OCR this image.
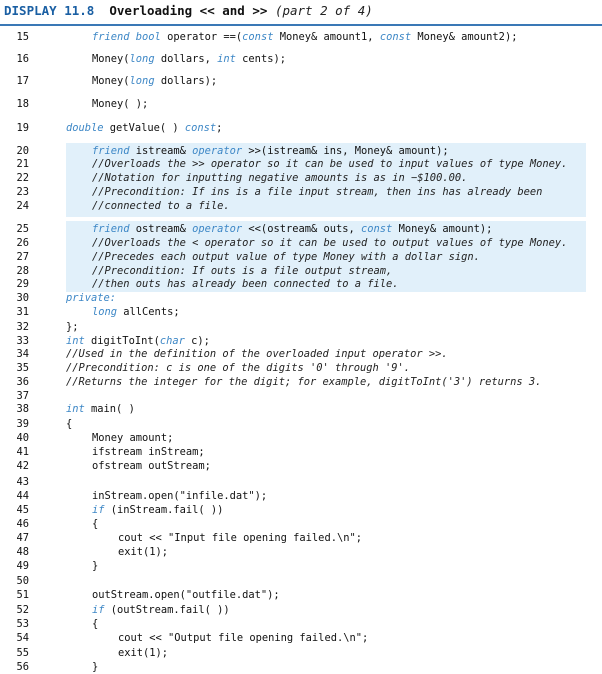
DISPLAY 11.8 Overloading << and >> (part 2 of 4)
15	friend bool operator ==(const Money& amount1, const Money& amount2);
16	Money(long dollars, int cents);
17	Money(long dollars);
18	Money( );
19	double getValue( ) const;
20	friend istream& operator >>(istream& ins, Money& amount);
21	//Overloads the >> operator so it can be used to input values of type Money.
22	//Notation for inputting negative amounts is as in −$100.00.
23	//Precondition: If ins is a file input stream, then ins has already been
24	//connected to a file.
25	friend ostream& operator <<(ostream& outs, const Money& amount);
26	//Overloads the < operator so it can be used to output values of type Money.
27	//Precedes each output value of type Money with a dollar sign.
28	//Precondition: If outs is a file output stream,
29	//then outs has already been connected to a file.
30	private:
31	long allCents;
32	};
33	int digitToInt(char c);
34	//Used in the definition of the overloaded input operator >>.
35	//Precondition: c is one of the digits '0' through '9'.
36	//Returns the integer for the digit; for example, digitToInt('3') returns 3.
37
38	int main( )
39	{
40	Money amount;
41	ifstream inStream;
42	ofstream outStream;
43
44	inStream.open("infile.dat");
45	if (inStream.fail( ))
46	{
47	cout << "Input file opening failed.\n";
48	exit(1);
49	}
50
51	outStream.open("outfile.dat");
52	if (outStream.fail( ))
53	{
54	cout << "Output file opening failed.\n";
55	exit(1);
56	}
